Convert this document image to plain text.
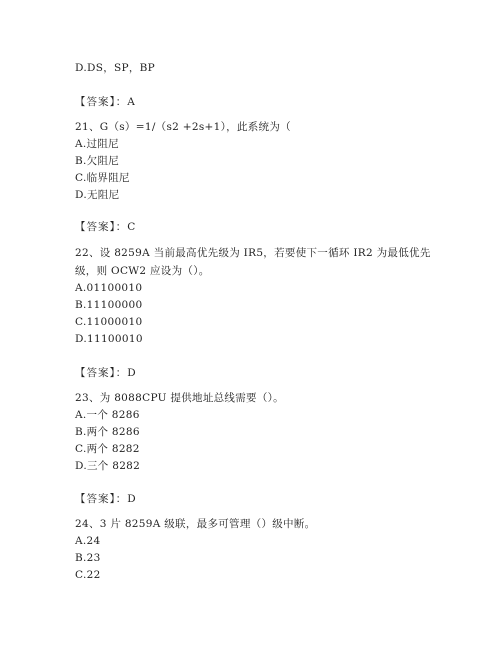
D.DS，SP，BP
【答案】：A
21、G（s）=1/（s2 +2s+1），此系统为（
A.过阻尼
B.欠阻尼
C.临界阻尼
D.无阻尼
【答案】：C
22、设 8259A 当前最高优先级为 IR5，若要使下一循环 IR2 为最低优先
级，则 OCW2 应设为（）。
A.01100010
B.11100000
C.11000010
D.11100010
【答案】：D
23、为 8088CPU 提供地址总线需要（）。
A.一个 8286
B.两个 8286
C.两个 8282
D.三个 8282
【答案】：D
24、3 片 8259A 级联，最多可管理（）级中断。
A.24
B.23
C.22
